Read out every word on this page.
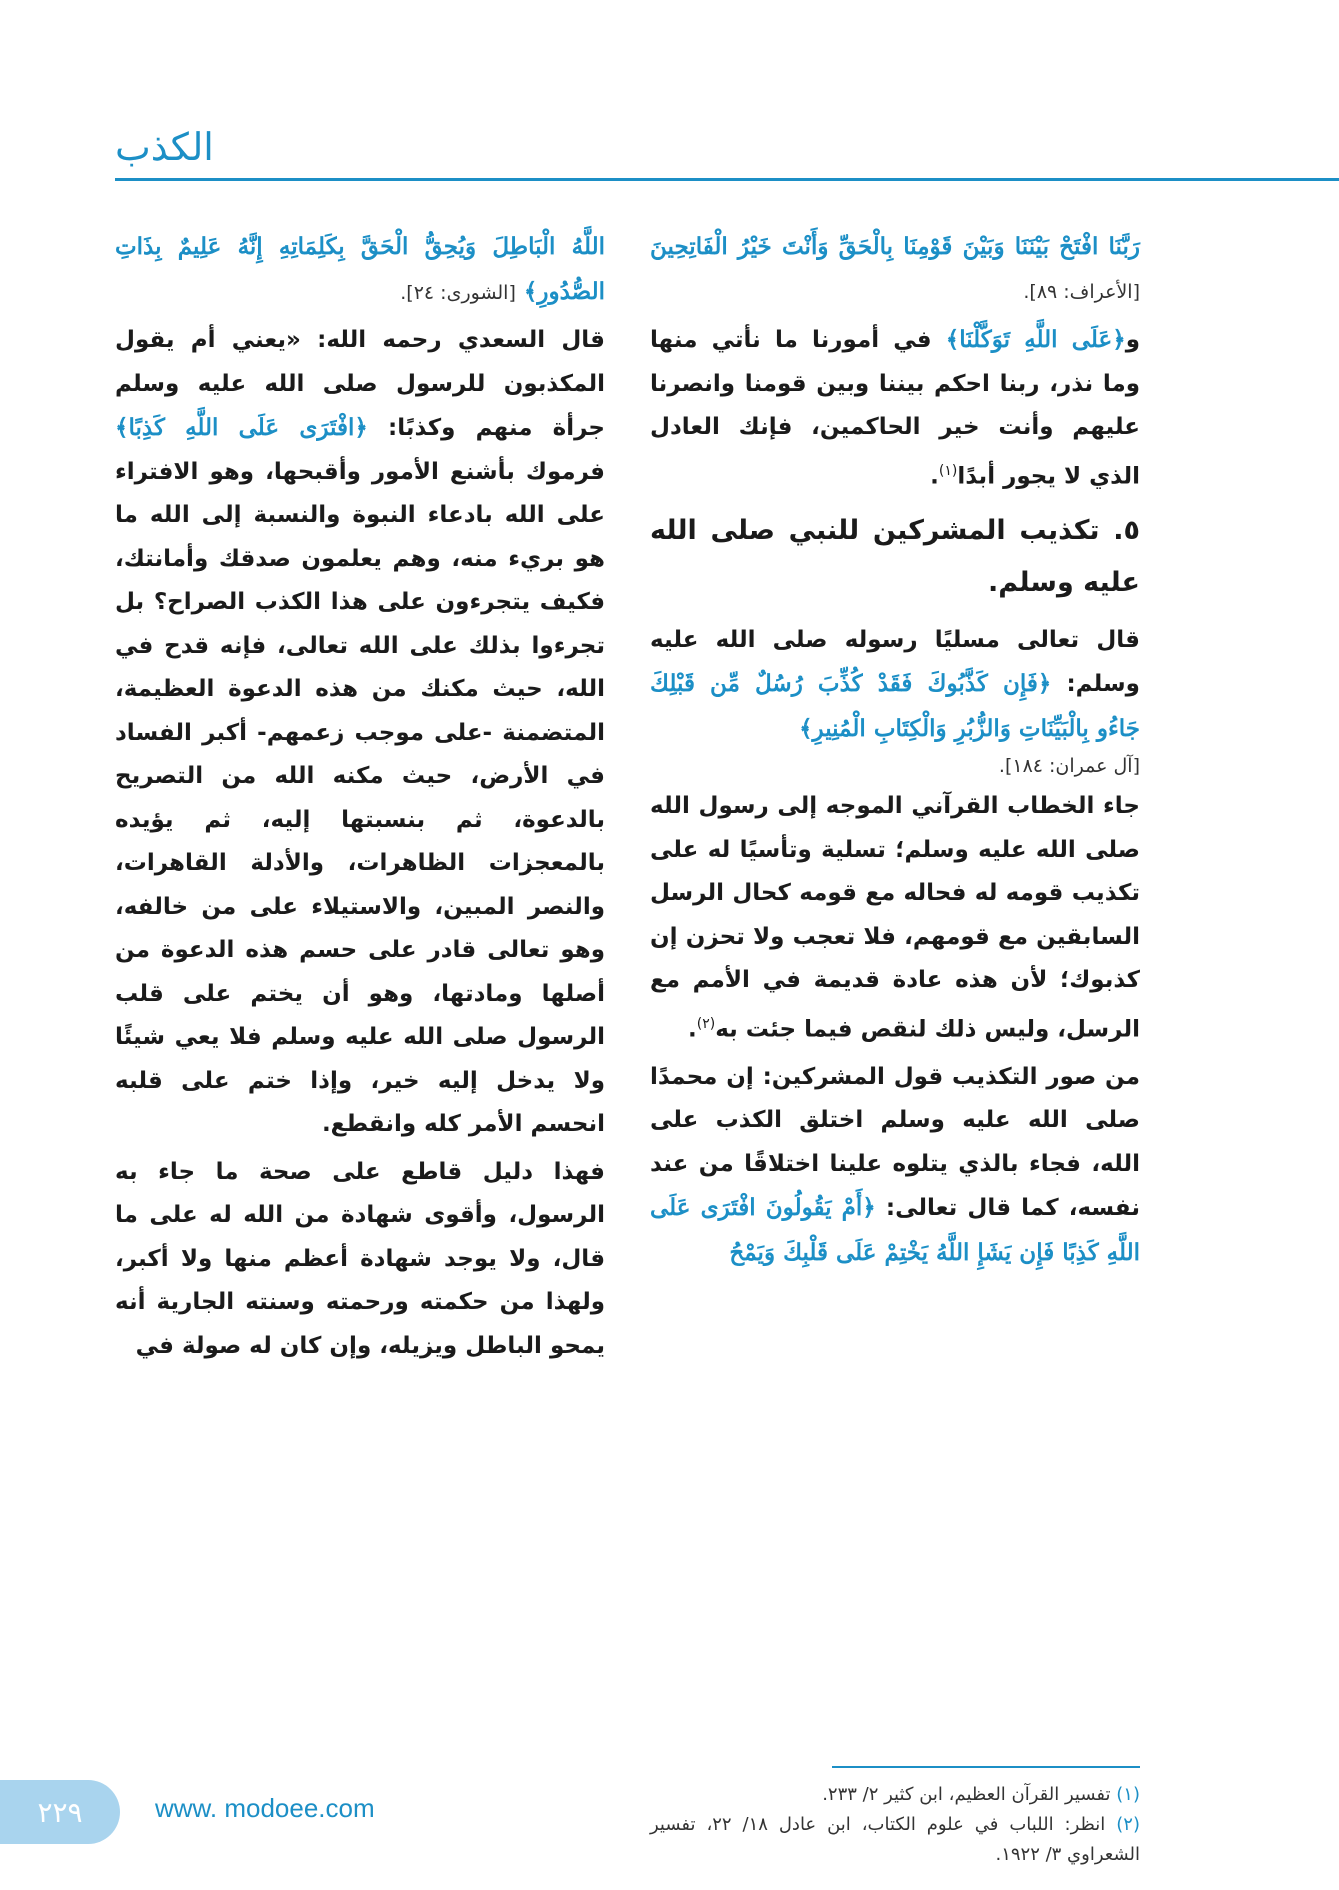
الكذب

رَبَّنَا افْتَحْ بَيْنَنَا وَبَيْنَ قَوْمِنَا بِالْحَقِّ وَأَنْتَ خَيْرُ الْفَاتِحِينَ [الأعراف: ٨٩].

و﴿عَلَى اللَّهِ تَوَكَّلْنَا﴾ في أمورنا ما نأتي منها وما نذر، ربنا احكم بيننا وبين قومنا وانصرنا عليهم وأنت خير الحاكمين، فإنك العادل الذي لا يجور أبدًا$^{(١)}$.

٥. تكذيب المشركين للنبي صلى الله عليه وسلم.

قال تعالى مسليًا رسوله صلى الله عليه وسلم: ﴿فَإِن كَذَّبُوكَ فَقَدْ كُذِّبَ رُسُلٌ مِّن قَبْلِكَ جَاءُو بِالْبَيِّنَاتِ وَالزُّبُرِ وَالْكِتَابِ الْمُنِيرِ﴾
[آل عمران: ١٨٤].

جاء الخطاب القرآني الموجه إلى رسول الله صلى الله عليه وسلم؛ تسلية وتأسيًا له على تكذيب قومه له فحاله مع قومه كحال الرسل السابقين مع قومهم، فلا تعجب ولا تحزن إن كذبوك؛ لأن هذه عادة قديمة في الأمم مع الرسل، وليس ذلك لنقص فيما جئت به$^{(٢)}$.

من صور التكذيب قول المشركين: إن محمدًا صلى الله عليه وسلم اختلق الكذب على الله، فجاء بالذي يتلوه علينا اختلاقًا من عند نفسه، كما قال تعالى: ﴿أَمْ يَقُولُونَ افْتَرَى عَلَى اللَّهِ كَذِبًا فَإِن يَشَإِ اللَّهُ يَخْتِمْ عَلَى قَلْبِكَ وَيَمْحُ

اللَّهُ الْبَاطِلَ وَيُحِقُّ الْحَقَّ بِكَلِمَاتِهِ إِنَّهُ عَلِيمٌ بِذَاتِ الصُّدُورِ﴾ [الشورى: ٢٤].

قال السعدي رحمه الله: «يعني أم يقول المكذبون للرسول صلى الله عليه وسلم جرأة منهم وكذبًا: ﴿افْتَرَى عَلَى اللَّهِ كَذِبًا﴾ فرموك بأشنع الأمور وأقبحها، وهو الافتراء على الله بادعاء النبوة والنسبة إلى الله ما هو بريء منه، وهم يعلمون صدقك وأمانتك، فكيف يتجرءون على هذا الكذب الصراح؟ بل تجرءوا بذلك على الله تعالى، فإنه قدح في الله، حيث مكنك من هذه الدعوة العظيمة، المتضمنة -على موجب زعمهم- أكبر الفساد في الأرض، حيث مكنه الله من التصريح بالدعوة، ثم بنسبتها إليه، ثم يؤيده بالمعجزات الظاهرات، والأدلة القاهرات، والنصر المبين، والاستيلاء على من خالفه، وهو تعالى قادر على حسم هذه الدعوة من أصلها ومادتها، وهو أن يختم على قلب الرسول صلى الله عليه وسلم فلا يعي شيئًا ولا يدخل إليه خير، وإذا ختم على قلبه انحسم الأمر كله وانقطع.

فهذا دليل قاطع على صحة ما جاء به الرسول، وأقوى شهادة من الله له على ما قال، ولا يوجد شهادة أعظم منها ولا أكبر، ولهذا من حكمته ورحمته وسنته الجارية أنه يمحو الباطل ويزيله، وإن كان له صولة في

(١) تفسير القرآن العظيم، ابن كثير ٢/ ٢٣٣.
(٢) انظر: اللباب في علوم الكتاب، ابن عادل ١٨/ ٢٢، تفسير الشعراوي ٣/ ١٩٢٢.
٢٢٩	www. modoee.com
